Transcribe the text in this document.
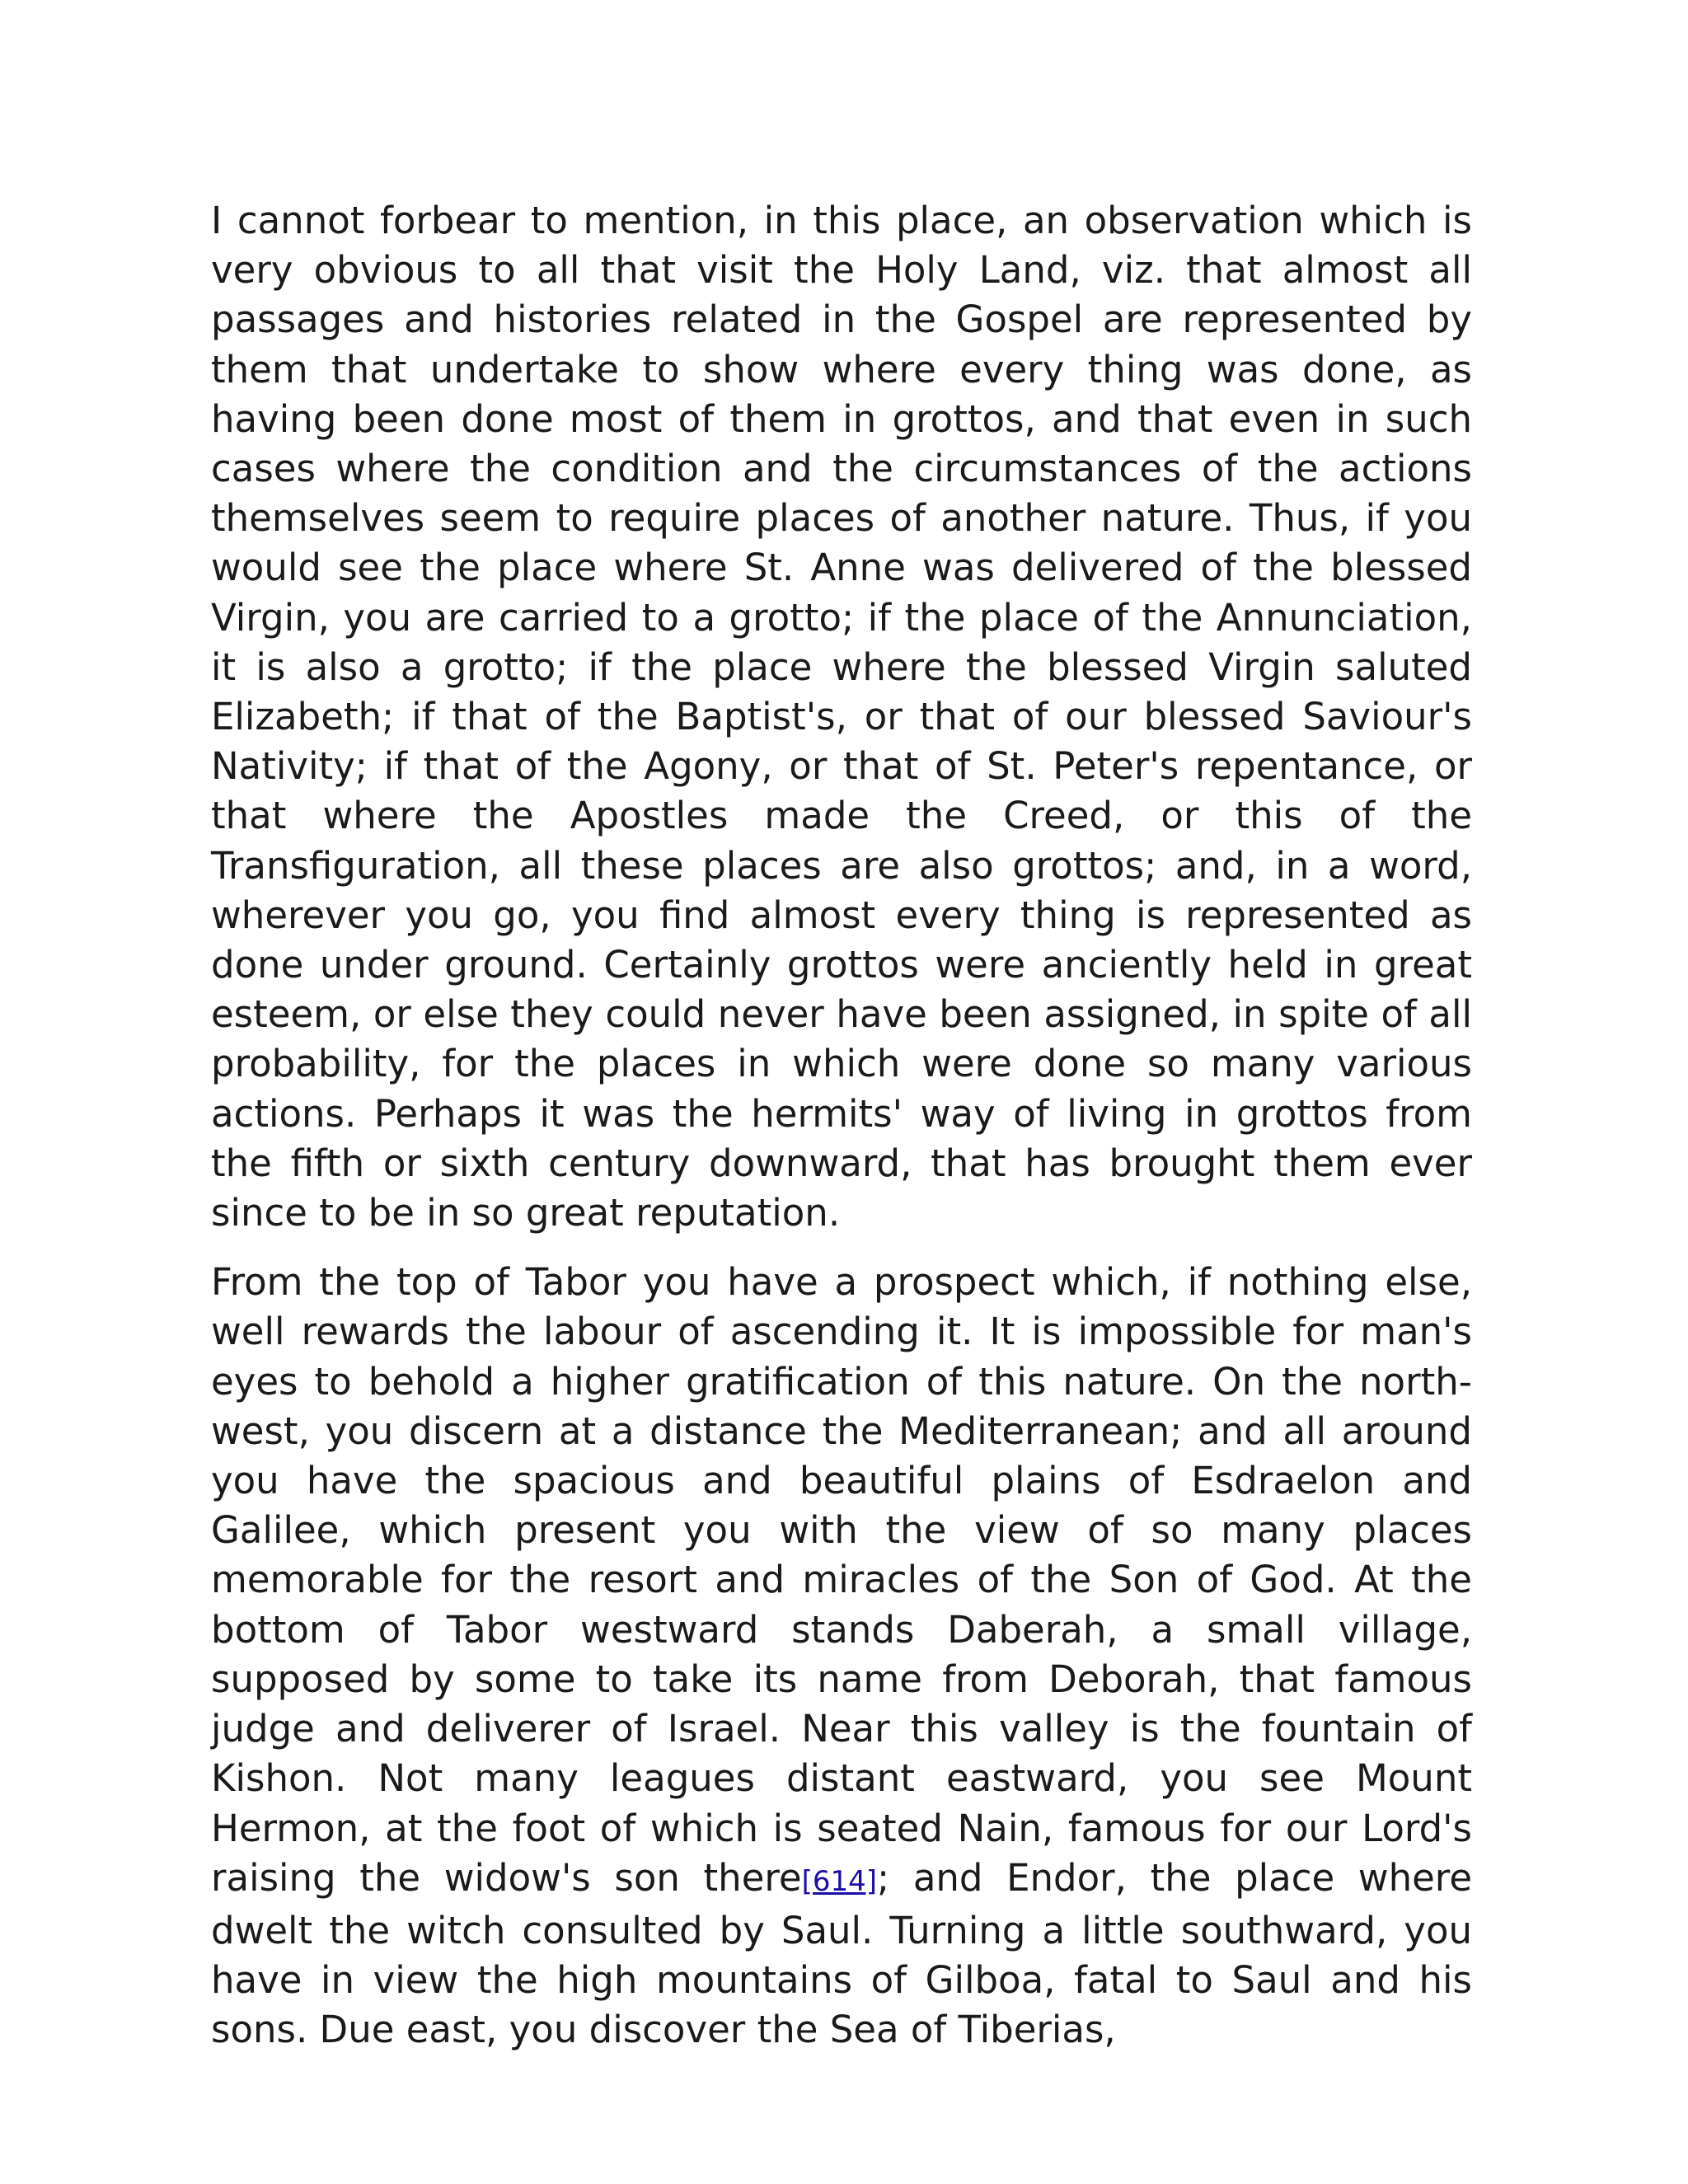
I cannot forbear to mention, in this place, an observation which is very obvious to all that visit the Holy Land, viz. that almost all passages and histories related in the Gospel are represented by them that undertake to show where every thing was done, as having been done most of them in grottos, and that even in such cases where the condition and the circumstances of the actions themselves seem to require places of another nature. Thus, if you would see the place where St. Anne was delivered of the blessed Virgin, you are carried to a grotto; if the place of the Annunciation, it is also a grotto; if the place where the blessed Virgin saluted Elizabeth; if that of the Baptist's, or that of our blessed Saviour's Nativity; if that of the Agony, or that of St. Peter's repentance, or that where the Apostles made the Creed, or this of the Transfiguration, all these places are also grottos; and, in a word, wherever you go, you find almost every thing is represented as done under ground. Certainly grottos were anciently held in great esteem, or else they could never have been assigned, in spite of all probability, for the places in which were done so many various actions. Perhaps it was the hermits' way of living in grottos from the fifth or sixth century downward, that has brought them ever since to be in so great reputation.

From the top of Tabor you have a prospect which, if nothing else, well rewards the labour of ascending it. It is impossible for man's eyes to behold a higher gratification of this nature. On the north-west, you discern at a distance the Mediterranean; and all around you have the spacious and beautiful plains of Esdraelon and Galilee, which present you with the view of so many places memorable for the resort and miracles of the Son of God. At the bottom of Tabor westward stands Daberah, a small village, supposed by some to take its name from Deborah, that famous judge and deliverer of Israel. Near this valley is the fountain of Kishon. Not many leagues distant eastward, you see Mount Hermon, at the foot of which is seated Nain, famous for our Lord's raising the widow's son there[614]; and Endor, the place where dwelt the witch consulted by Saul. Turning a little southward, you have in view the high mountains of Gilboa, fatal to Saul and his sons. Due east, you discover the Sea of Tiberias,
